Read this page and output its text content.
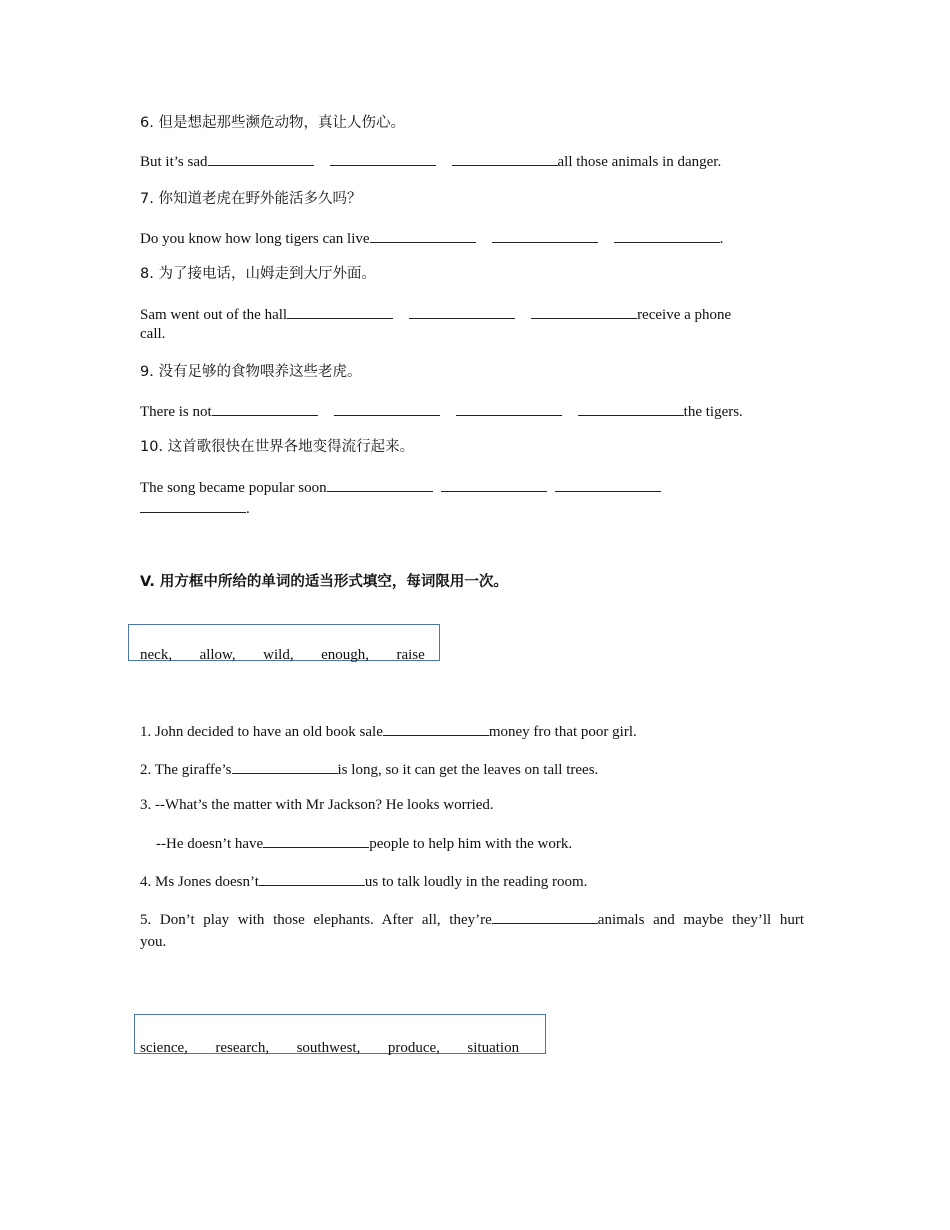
6. 但是想起那些濒危动物，真让人伤心。
But it’s sad	all those animals in danger.
7. 你知道老虎在野外能活多久吗？
Do you know how long tigers can live	.
8. 为了接电话，山姆走到大厅外面。
Sam went out of the hall	receive a phone
call.
9. 没有足够的食物喂养这些老虎。
There is not	the tigers.
10. 这首歌很快在世界各地变得流行起来。
The song became popular soon
.
V. 用方框中所给的单词的适当形式填空，每词限用一次。
neck,  allow,  wild,  enough,  raise
1. John decided to have an old book sale	money fro that poor girl.
2. The giraffe’s	is long, so it can get the leaves on tall trees.
3. --What’s the matter with Mr Jackson? He looks worried.
--He doesn’t have	people to help him with the work.
4. Ms Jones doesn’t	us to talk loudly in the reading room.
5. Don’t play with those elephants. After all, they’re	animals and maybe they’ll hurt you.
science,  research,  southwest,  produce,  situation
